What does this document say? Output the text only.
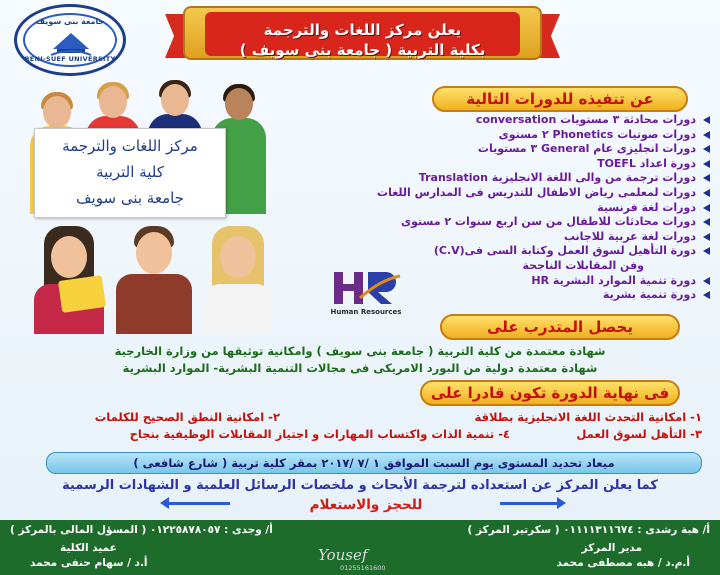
جامعة بنى سويف
BENI-SUEF UNIVERSITY
يعلن مركز اللغات والترجمة
بكلية التربية ( جامعة بنى سويف )
مركز اللغات والترجمة
كلية التربية
جامعة بنى سويف
Human Resources
عن تنفيذه للدورات التالية
دورات محادثة ٣ مستويات conversation
دورات صوتيات Phonetics ٢ مستوى
دورات انجليزى عام General ٣ مستويات
دورة اعداد TOEFL
دورات ترجمة من والى اللغة الانجليزية Translation
دورات لمعلمى رياض الاطفال للتدريس فى المدارس اللغات
دورات لغة فرنسية
دورات محادثات للاطفال من سن اربع سنوات ٢ مستوى
دورات لغة عربية للاجانب
دورة التأهيل لسوق العمل وكتابة السى فى(C.V)
وفن المقابلات الناجحة
دورة تنمية الموارد البشرية HR
دورة تنمية بشرية
يحصل المتدرب على
شهادة معتمدة من كلية التربية ( جامعة بنى سويف ) وامكانية توثيقها من وزارة الخارجية
شهادة معتمدة دولية من البورد الامريكى فى مجالات التنمية البشرية- الموارد البشرية
فى نهاية الدورة تكون قادرا على
١- امكانية التحدث اللغة الانجليزية بطلاقة
٢- امكانية النطق الصحيح للكلمات
٣- التأهل لسوق العمل
٤- تنمية الذات واكتساب المهارات و اجتياز المقابلات الوظيفية بنجاح
ميعاد تحديد المستوى يوم السبت الموافق ١ /٧ /٢٠١٧ بمقر كلية تربية ( شارع شافعى )
كما يعلن المركز عن استعداده لترجمة الأبحاث و ملخصات الرسائل العلمية و الشهادات الرسمية
للحجز والاستعلام
أ/ هبة رشدى : ٠١١١١٣١١٦٧٤ ( سكرتير المركز )
مدير المركز
أ.م.د / هبه مصطفى محمد
أ/ وجدى : ٠١٢٢٥٨٧٨٠٥٧ ( المسؤل المالى بالمركز )
عميد الكلية
أ.د / سهام حنفى محمد	Yousef
01255161600
